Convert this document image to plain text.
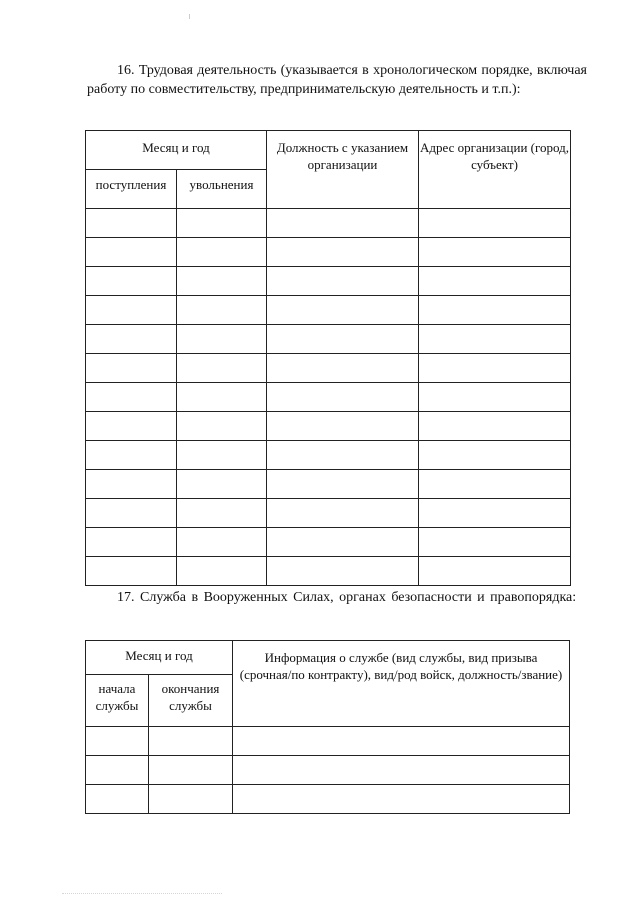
16. Трудовая деятельность (указывается в хронологическом порядке, включая работу по совместительству, предпринимательскую деятельность и т.п.):
Месяц и год		Должность с указанием организации	Адрес организации (город, субъект)
поступления	увольнения		

17. Служба в Вооруженных Силах, органах безопасности и правопорядка:
Месяц и год		Информация о службе (вид службы, вид призыва (срочная/по контракту), вид/род войск, должность/звание)
начала службы	окончания службы	
